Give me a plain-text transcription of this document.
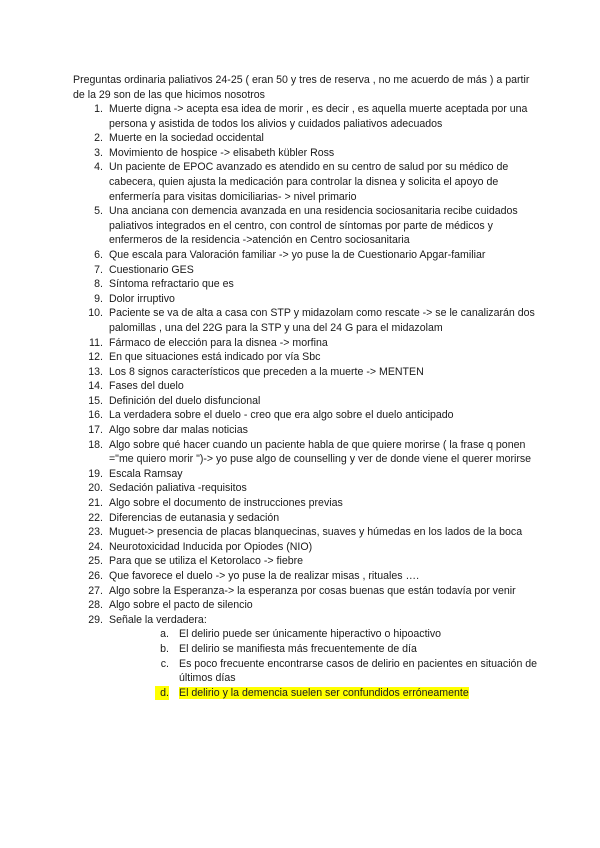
Preguntas ordinaria paliativos 24-25 ( eran 50 y tres de reserva , no me acuerdo de más ) a partir de la 29 son de las que hicimos nosotros

1. Muerte digna -> acepta esa idea de morir , es decir , es aquella muerte aceptada por una persona y asistida de todos los alivios y cuidados paliativos adecuados
2. Muerte en la sociedad occidental
3. Movimiento de hospice -> elisabeth kübler Ross
4. Un paciente de EPOC avanzado es atendido en su centro de salud por su médico de cabecera, quien ajusta la medicación para controlar la disnea y solicita el apoyo de enfermería para visitas domiciliarias- > nivel primario
5. Una anciana con demencia avanzada en una residencia sociosanitaria recibe cuidados paliativos integrados en el centro, con control de síntomas por parte de médicos y enfermeros de la residencia ->atención en Centro sociosanitaria
6. Que escala para Valoración familiar -> yo puse la de Cuestionario Apgar-familiar
7. Cuestionario GES
8. Síntoma refractario que es
9. Dolor irruptivo
10. Paciente se va de alta a casa con STP y midazolam como rescate -> se le canalizarán dos palomillas , una del 22G para la STP y una del 24 G para el midazolam
11. Fármaco de elección para la disnea -> morfina
12. En que situaciones está indicado por vía Sbc
13. Los 8 signos característicos que preceden a la muerte -> MENTEN
14. Fases del duelo
15. Definición del duelo disfuncional
16. La verdadera sobre el duelo - creo que era algo sobre el duelo anticipado
17. Algo sobre dar malas noticias
18. Algo sobre qué hacer cuando un paciente habla de que quiere morirse ( la frase q ponen ="me quiero morir ")-> yo puse algo de counselling y ver de donde viene el querer morirse
19. Escala Ramsay
20. Sedación paliativa -requisitos
21. Algo sobre el documento de instrucciones previas
22. Diferencias de eutanasia y sedación
23. Muguet-> presencia de placas blanquecinas, suaves y húmedas en los lados de la boca
24. Neurotoxicidad Inducida por Opiodes (NIO)
25. Para que se utiliza el Ketorolaco -> fiebre
26. Que favorece el duelo -> yo puse la de realizar misas , rituales ….
27. Algo sobre la Esperanza-> la esperanza por cosas buenas que están todavía por venir
28. Algo sobre el pacto de silencio
29. Señale la verdadera:
a. El delirio puede ser únicamente hiperactivo o hipoactivo
b. El delirio se manifiesta más frecuentemente de día
c. Es poco frecuente encontrarse casos de delirio en pacientes en situación de últimos días
d. El delirio y la demencia suelen ser confundidos erróneamente
